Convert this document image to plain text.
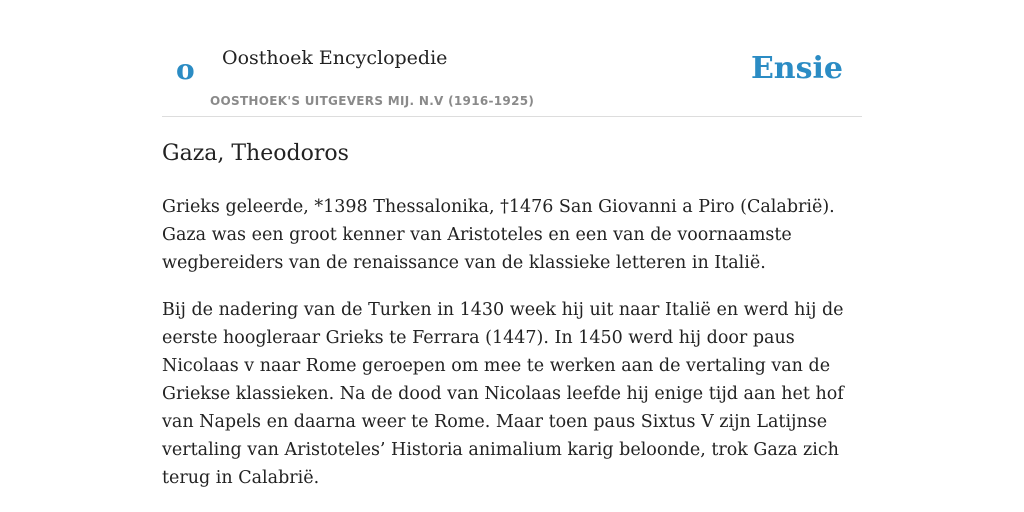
o Oosthoek Encyclopedie
OOSTHOEK'S UITGEVERS MIJ. N.V (1916-1925)
Ensie
Gaza, Theodoros

Grieks geleerde, *1398 Thessalonika, †1476 San Giovanni a Piro (Calabrië). Gaza was een groot kenner van Aristoteles en een van de voornaamste wegbereiders van de renaissance van de klassieke letteren in Italië.

Bij de nadering van de Turken in 1430 week hij uit naar Italië en werd hij de eerste hoogleraar Grieks te Ferrara (1447). In 1450 werd hij door paus Nicolaas v naar Rome geroepen om mee te werken aan de vertaling van de Griekse klassieken. Na de dood van Nicolaas leefde hij enige tijd aan het hof van Napels en daarna weer te Rome. Maar toen paus Sixtus V zijn Latijnse vertaling van Aristoteles’ Historia animalium karig beloonde, trok Gaza zich terug in Calabrië.
